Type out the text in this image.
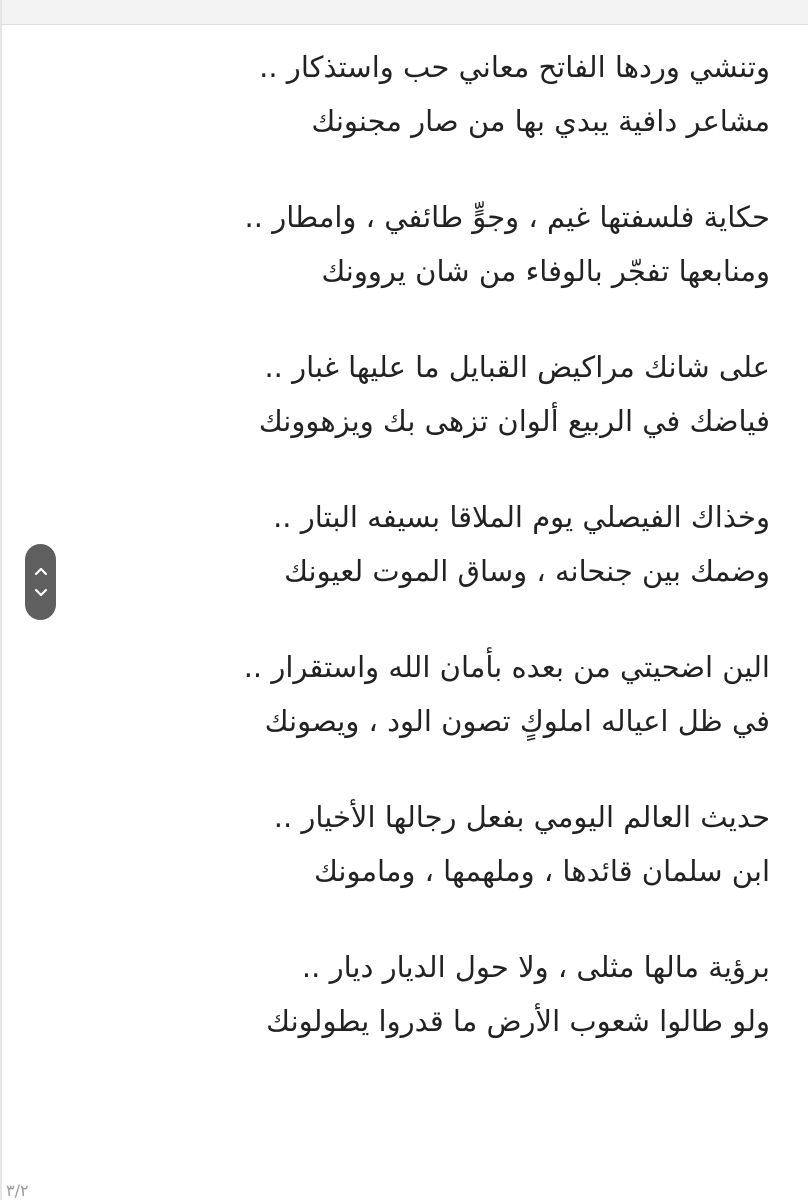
وتنشي وردها الفاتح معاني حب واستذكار ..
مشاعر دافية يبدي بها من صار مجنونك
حكاية فلسفتها غيم ، وجوٍّ طائفي ، وامطار ..
ومنابعها تفجّر بالوفاء من شان يروونك
على شانك مراكيض القبايل ما عليها غبار ..
فياضك في الربيع ألوان تزهى بك ويزهوونك
وخذاك الفيصلي يوم الملاقا بسيفه البتار ..
وضمك بين جنحانه ، وساق الموت لعيونك
الين اضحيتي من بعده بأمان الله واستقرار ..
في ظل اعياله املوكٍ تصون الود ، ويصونك
حديث العالم اليومي بفعل رجالها الأخيار ..
ابن سلمان قائدها ، وملهمها ، ومامونك
برؤية مالها مثلى ، ولا حول الديار ديار ..
ولو طالوا شعوب الأرض ما قدروا يطولونك
٣/٢
